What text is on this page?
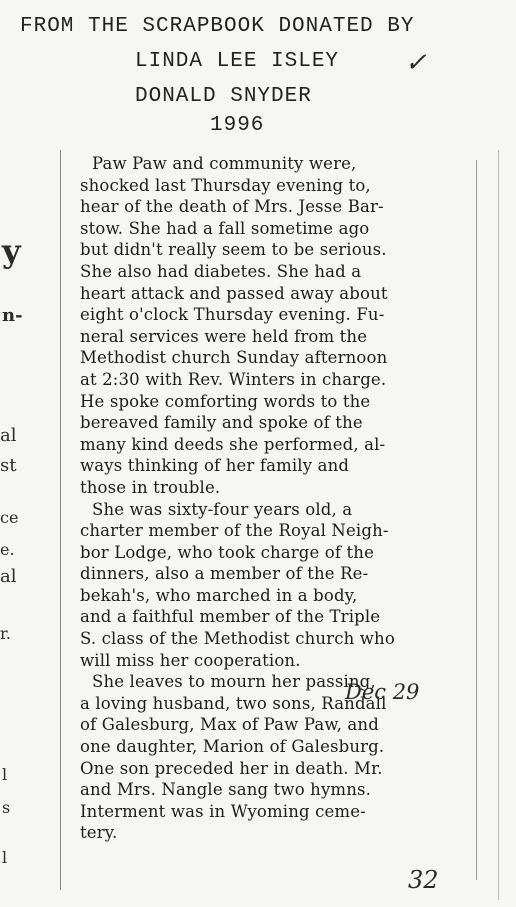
FROM THE SCRAPBOOK DONATED BY
LINDA LEE ISLEY
DONALD SNYDER
1996
✓
y
n-
al
st
ce
e.
al
r.
l
s
l
Paw Paw and community were,
shocked last Thursday evening to,
hear of the death of Mrs. Jesse Bar-
stow. She had a fall sometime ago
but didn't really seem to be serious.
She also had diabetes. She had a
heart attack and passed away about
eight o'clock Thursday evening. Fu-
neral services were held from the
Methodist church Sunday afternoon
at 2:30 with Rev. Winters in charge.
He spoke comforting words to the
bereaved family and spoke of the
many kind deeds she performed, al-
ways thinking of her family and
those in trouble.
She was sixty-four years old, a
charter member of the Royal Neigh-
bor Lodge, who took charge of the
dinners, also a member of the Re-
bekah's, who marched in a body,
and a faithful member of the Triple
S. class of the Methodist church who
will miss her cooperation.
She leaves to mourn her passing,
a loving husband, two sons, Randall
of Galesburg, Max of Paw Paw, and
one daughter, Marion of Galesburg.
One son preceded her in death. Mr.
and Mrs. Nangle sang two hymns.
Interment was in Wyoming ceme-
tery.
Dec 29
32
